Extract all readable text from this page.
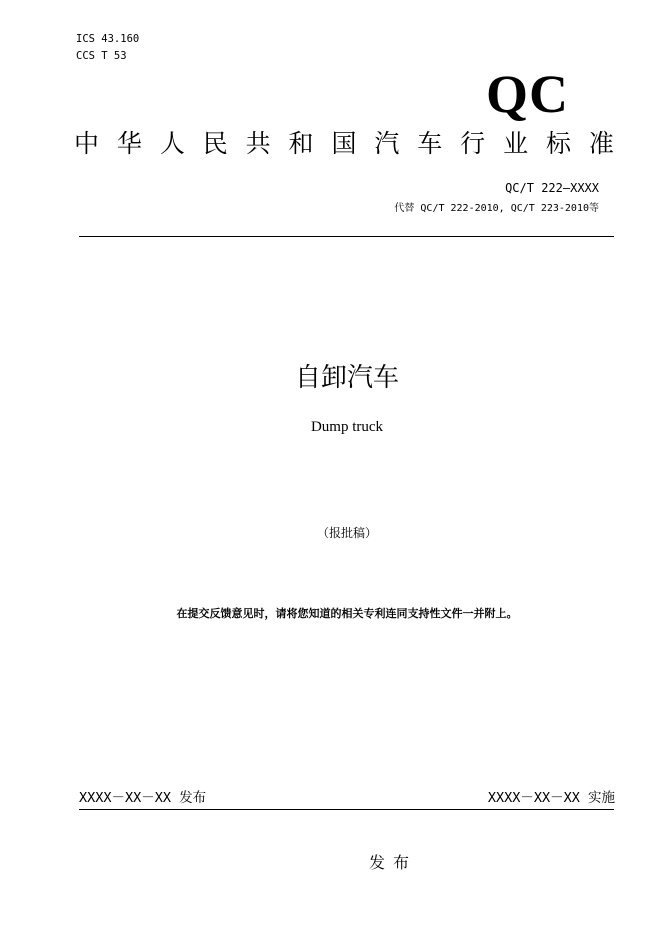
ICS 43.160
CCS T 53
QC
中 华 人 民 共 和 国 汽 车 行 业 标 准
QC/T 222—XXXX
代替 QC/T 222-2010, QC/T 223-2010等
自卸汽车
Dump truck
（报批稿）
在提交反馈意见时，请将您知道的相关专利连同支持性文件一并附上。
XXXX－XX－XX 发布	XXXX－XX－XX 实施
发布
